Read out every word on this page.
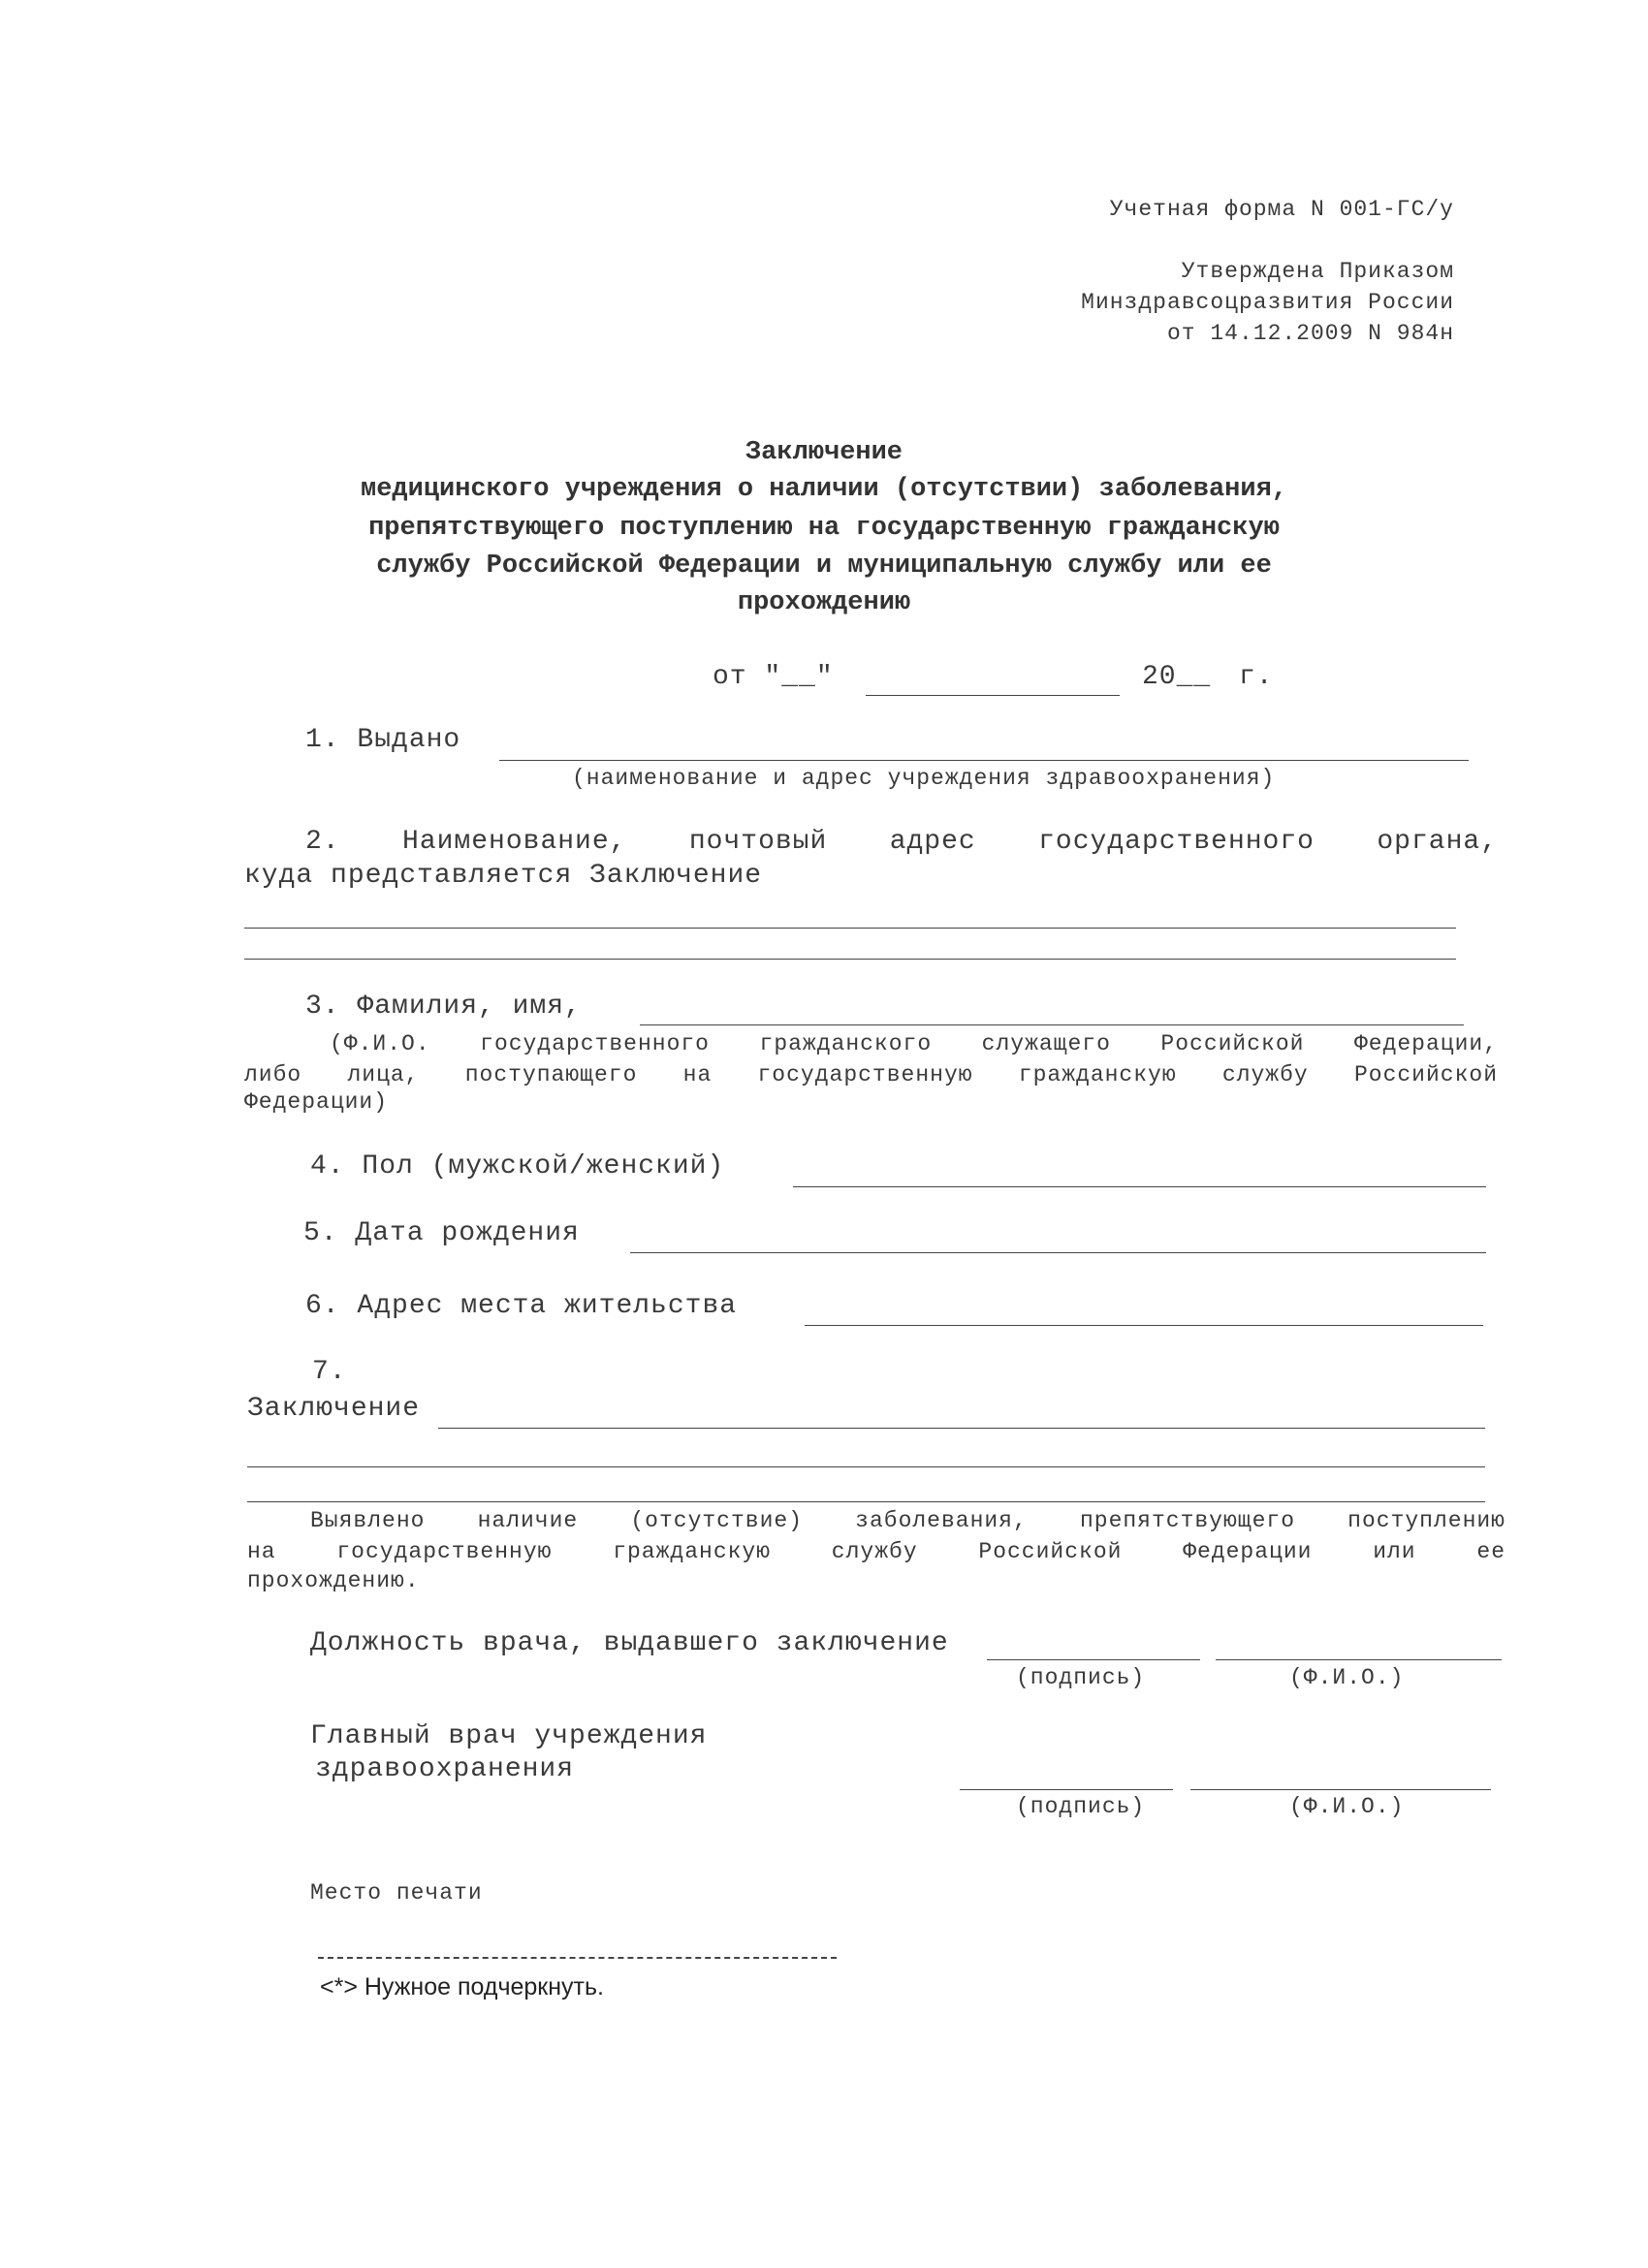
Учетная форма N 001-ГС/у
Утверждена Приказом
Минздравсоцразвития России
от 14.12.2009 N 984н
Заключение
медицинского учреждения о наличии (отсутствии) заболевания,
препятствующего поступлению на государственную гражданскую
службу Российской Федерации и муниципальную службу или ее
прохождению
от "__"	20__ г.
1. Выдано
(наименование и адрес учреждения здравоохранения)
2. Наименование, почтовый адрес государственного органа,
куда представляется Заключение
3. Фамилия, имя,
(Ф.И.О. государственного гражданского служащего Российской Федерации,
либо лица, поступающего на государственную гражданскую службу Российской
Федерации)
4. Пол (мужской/женский)
5. Дата рождения
6. Адрес места жительства
7.
Заключение
Выявлено наличие (отсутствие) заболевания, препятствующего поступлению
на государственную гражданскую службу Российской Федерации или ее
прохождению.
Должность врача, выдавшего заключение
(подпись)	(Ф.И.О.)
Главный врач учреждения
здравоохранения
(подпись)	(Ф.И.О.)
Место печати
<*> Нужное подчеркнуть.
